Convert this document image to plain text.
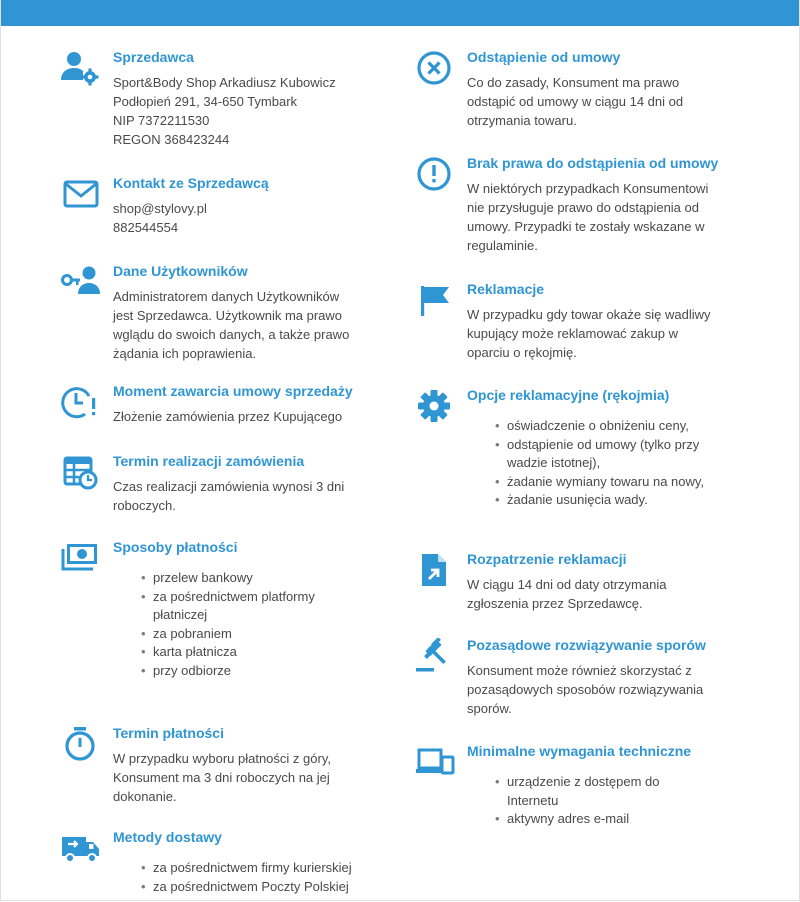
Sprzedawca
Sport&Body Shop Arkadiusz Kubowicz
Podłopień 291, 34-650 Tymbark
NIP 7372211530
REGON 368423244
Kontakt ze Sprzedawcą
shop@stylovy.pl
882544554
Dane Użytkowników
Administratorem danych Użytkowników
jest Sprzedawca. Użytkownik ma prawo
wglądu do swoich danych, a także prawo
żądania ich poprawienia.
Moment zawarcia umowy sprzedaży
Złożenie zamówienia przez Kupującego
Termin realizacji zamówienia
Czas realizacji zamówienia wynosi 3 dni
roboczych.
Sposoby płatności
• przelew bankowy
• za pośrednictwem platformy
płatniczej
• za pobraniem
• karta płatnicza
• przy odbiorze
Termin płatności
W przypadku wyboru płatności z góry,
Konsument ma 3 dni roboczych na jej
dokonanie.
Metody dostawy
• za pośrednictwem firmy kurierskiej
• za pośrednictwem Poczty Polskiej
Odstąpienie od umowy
Co do zasady, Konsument ma prawo
odstąpić od umowy w ciągu 14 dni od
otrzymania towaru.
Brak prawa do odstąpienia od umowy
W niektórych przypadkach Konsumentowi
nie przysługuje prawo do odstąpienia od
umowy. Przypadki te zostały wskazane w
regulaminie.
Reklamacje
W przypadku gdy towar okaże się wadliwy
kupujący może reklamować zakup w
oparciu o rękojmię.
Opcje reklamacyjne (rękojmia)
• oświadczenie o obniżeniu ceny,
• odstąpienie od umowy (tylko przy
wadzie istotnej),
• żadanie wymiany towaru na nowy,
• żadanie usunięcia wady.
Rozpatrzenie reklamacji
W ciągu 14 dni od daty otrzymania
zgłoszenia przez Sprzedawcę.
Pozasądowe rozwiązywanie sporów
Konsument może również skorzystać z
pozasądowych sposobów rozwiązywania
sporów.
Minimalne wymagania techniczne
• urządzenie z dostępem do
Internetu
• aktywny adres e-mail
